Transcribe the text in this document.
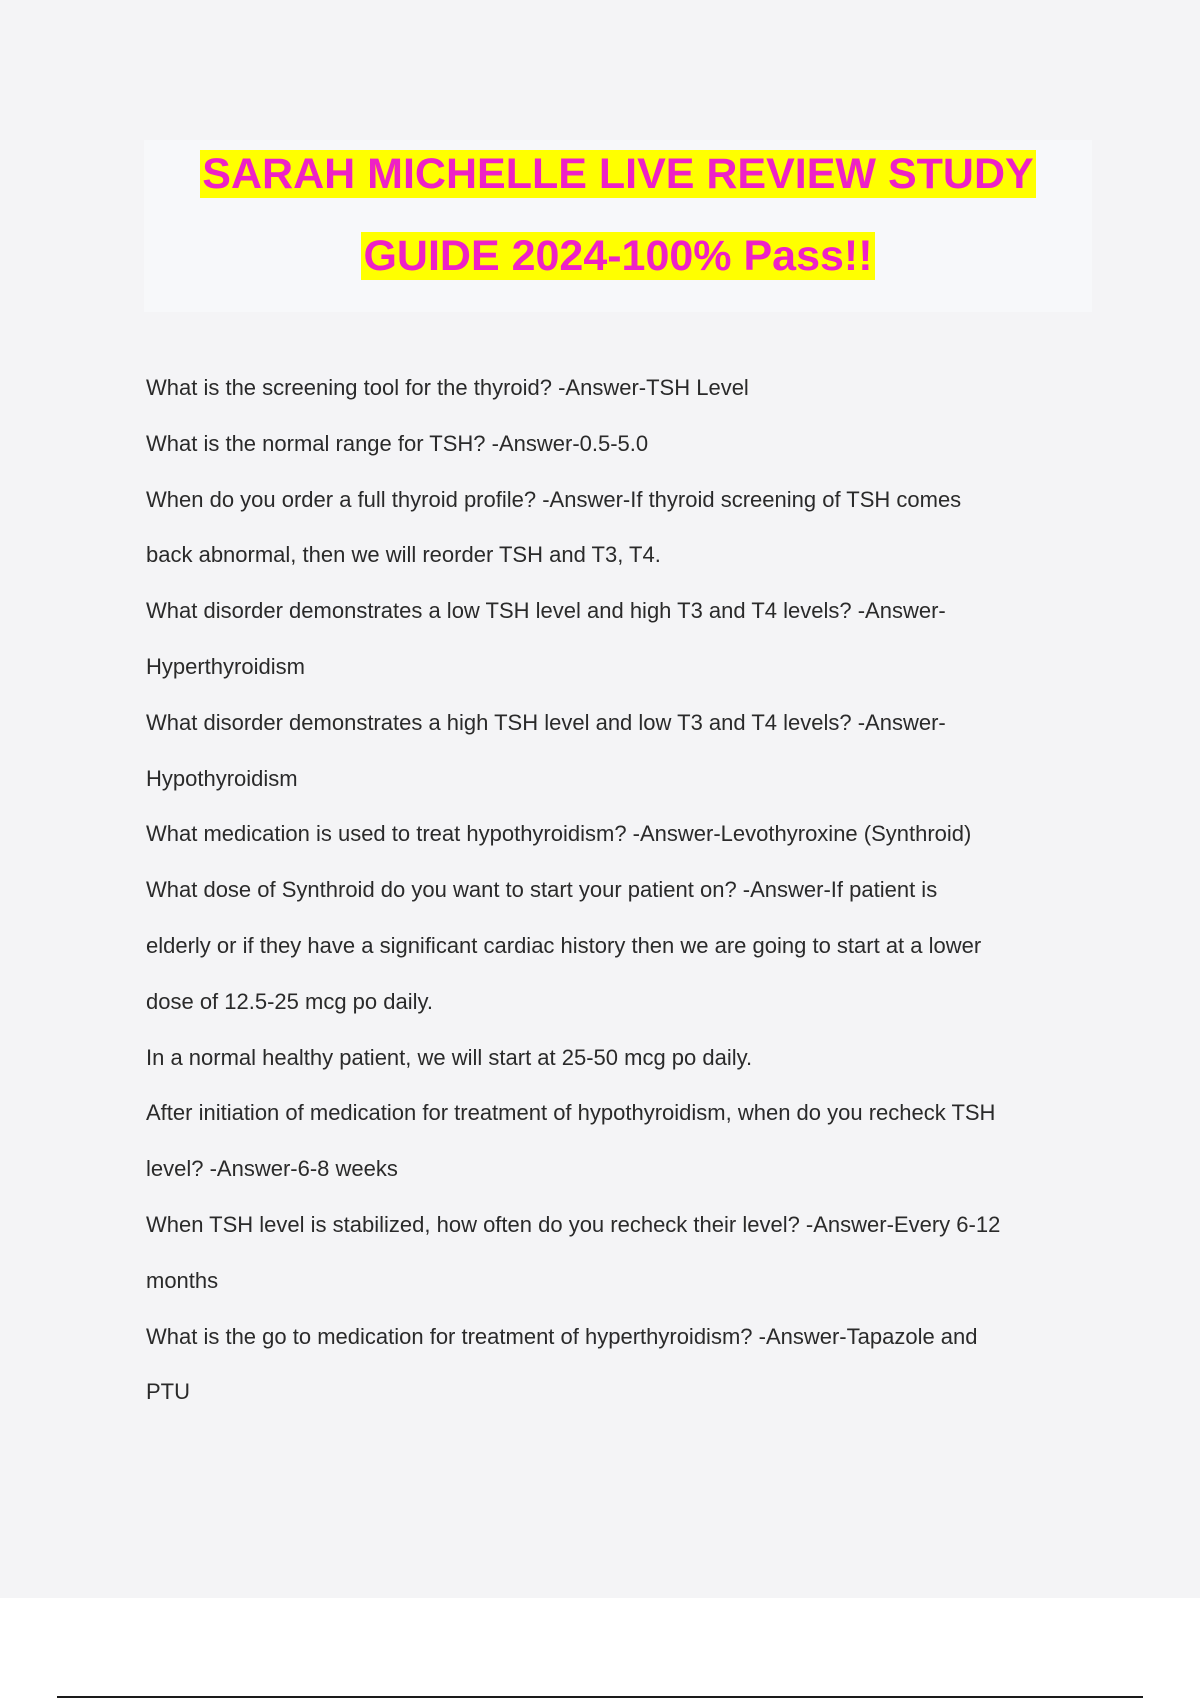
SARAH MICHELLE LIVE REVIEW STUDY
GUIDE 2024-100% Pass!!

What is the screening tool for the thyroid? -Answer-TSH Level

What is the normal range for TSH? -Answer-0.5-5.0

When do you order a full thyroid profile? -Answer-If thyroid screening of TSH comes

back abnormal, then we will reorder TSH and T3, T4.

What disorder demonstrates a low TSH level and high T3 and T4 levels? -Answer-

Hyperthyroidism

What disorder demonstrates a high TSH level and low T3 and T4 levels? -Answer-

Hypothyroidism

What medication is used to treat hypothyroidism? -Answer-Levothyroxine (Synthroid)

What dose of Synthroid do you want to start your patient on? -Answer-If patient is

elderly or if they have a significant cardiac history then we are going to start at a lower

dose of 12.5-25 mcg po daily.

In a normal healthy patient, we will start at 25-50 mcg po daily.

After initiation of medication for treatment of hypothyroidism, when do you recheck TSH

level? -Answer-6-8 weeks

When TSH level is stabilized, how often do you recheck their level? -Answer-Every 6-12

months

What is the go to medication for treatment of hyperthyroidism? -Answer-Tapazole and

PTU
